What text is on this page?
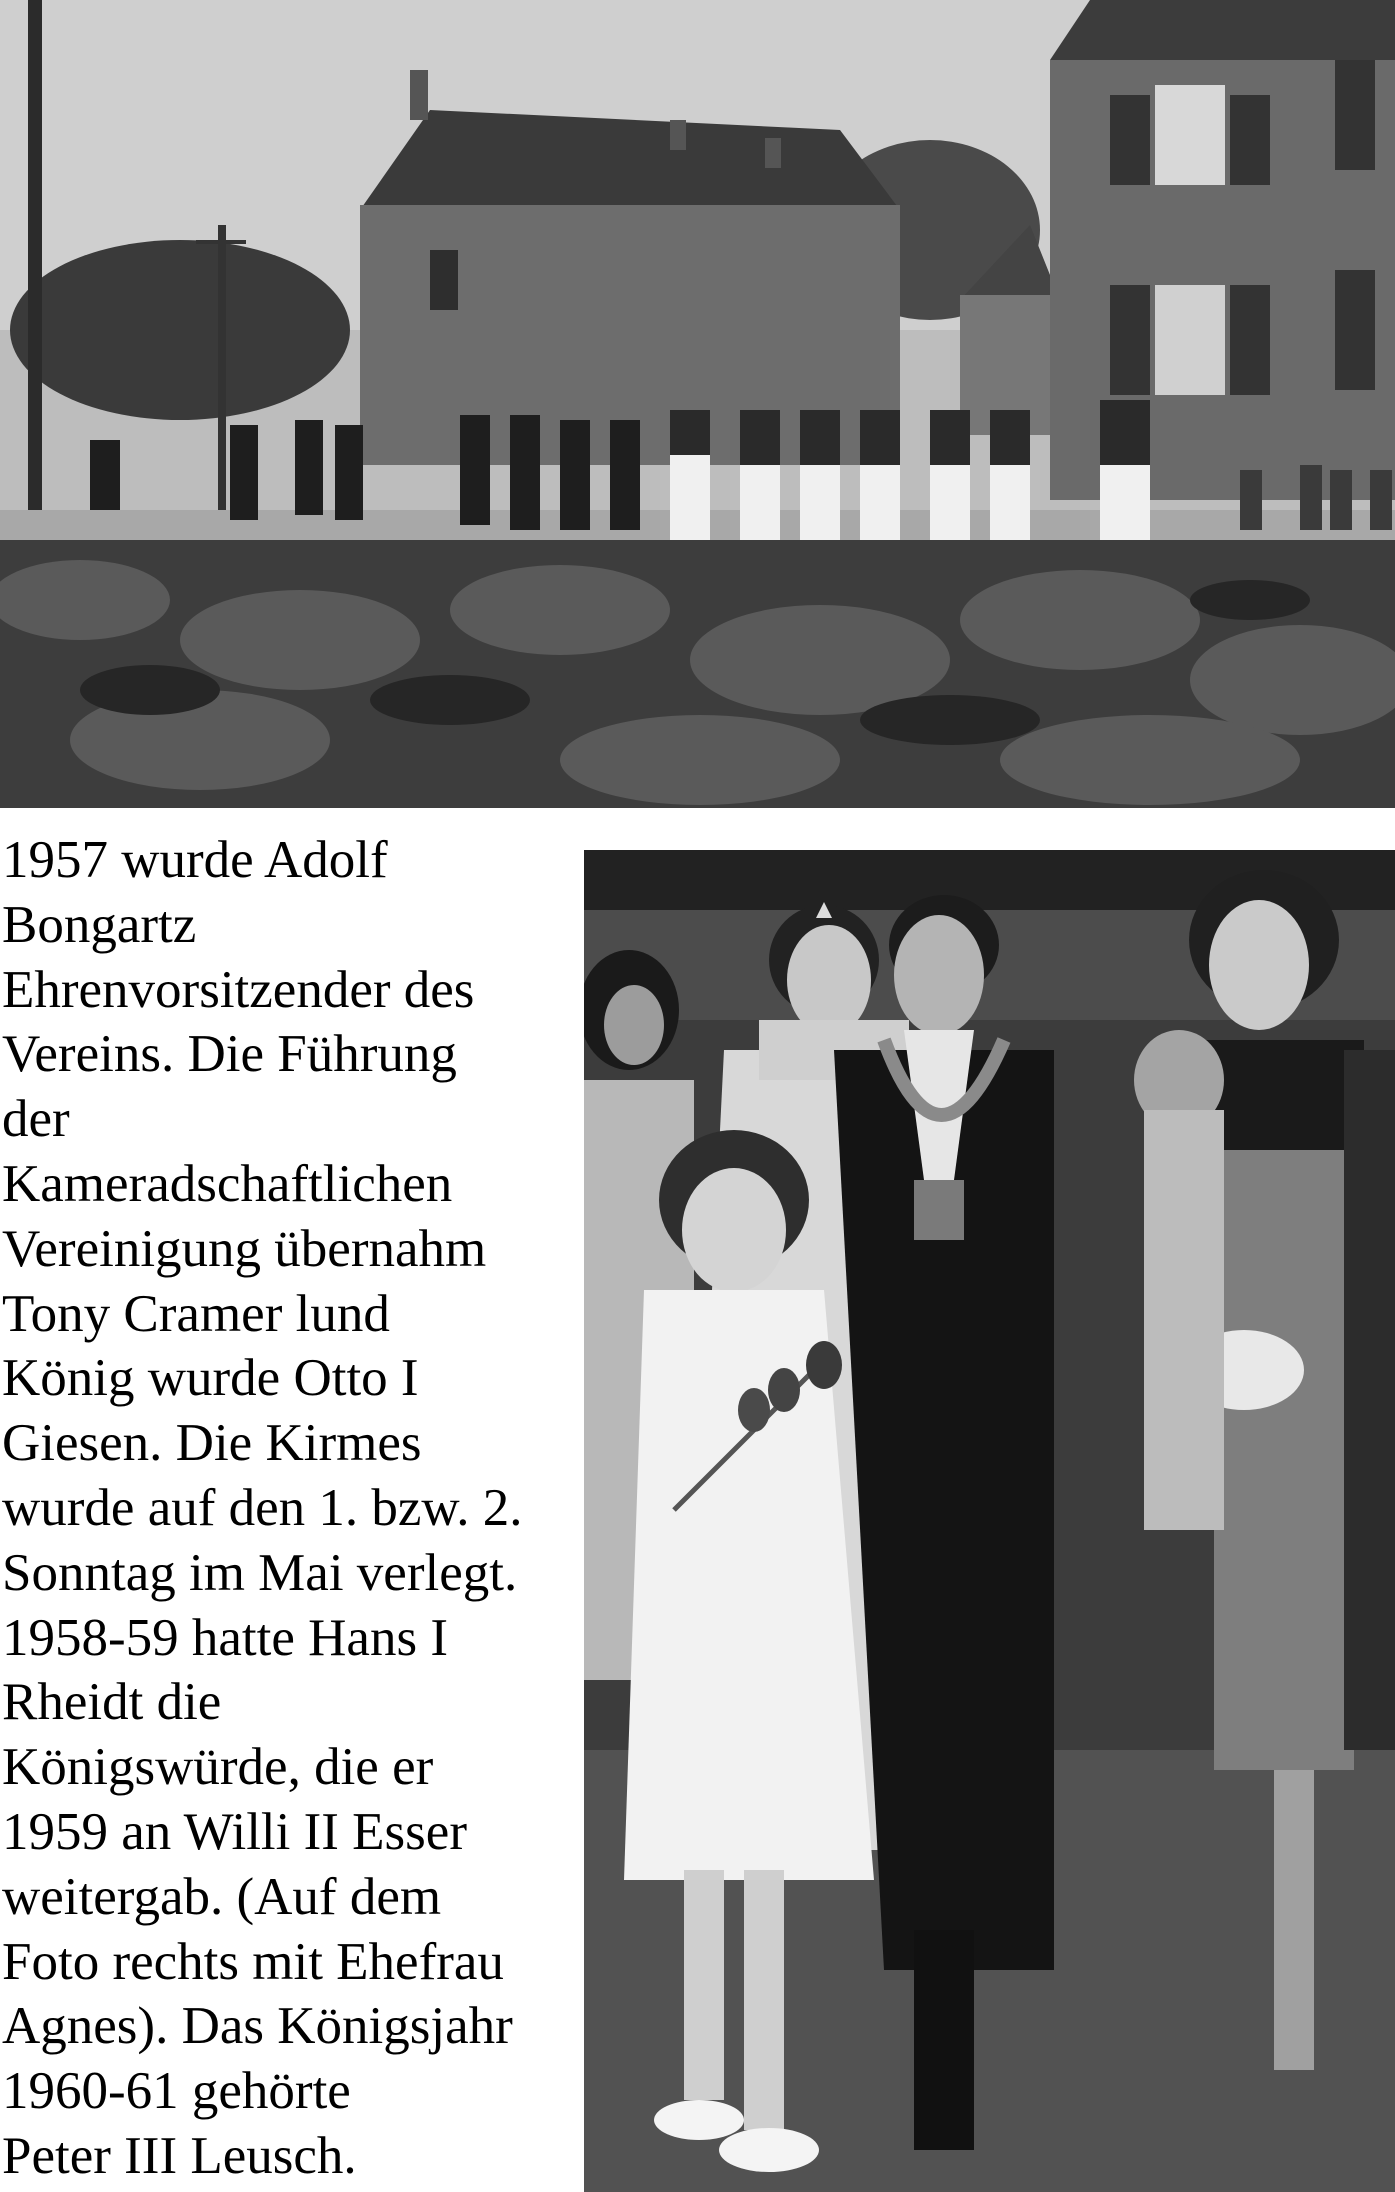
1957 wurde Adolf
Bongartz
Ehrenvorsitzender des
Vereins. Die Führung
der
Kameradschaftlichen
Vereinigung übernahm
Tony Cramer lund
König wurde Otto I
Giesen. Die Kirmes
wurde auf den 1. bzw. 2.
Sonntag im Mai verlegt.
1958-59 hatte Hans I
Rheidt die
Königswürde, die er
1959 an Willi II Esser
weitergab. (Auf dem
Foto rechts mit Ehefrau
Agnes). Das Königsjahr
1960-61 gehörte
Peter III Leusch.
